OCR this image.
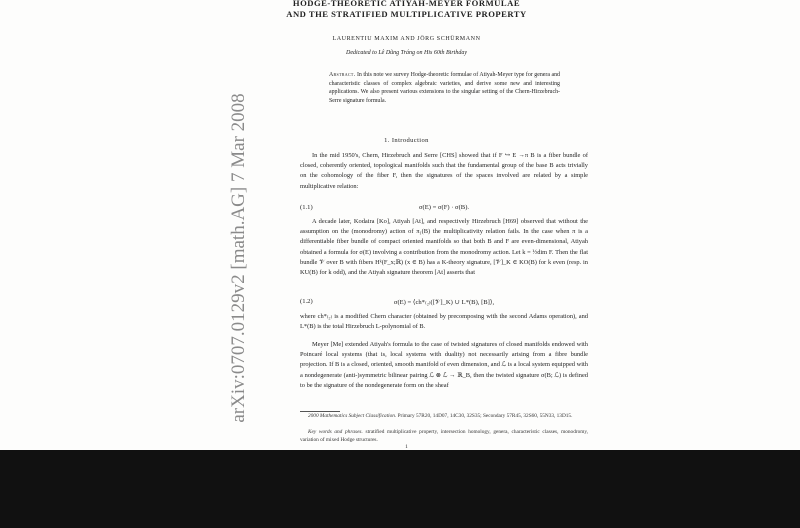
arXiv:0707.0129v2 [math.AG] 7 Mar 2008
HODGE-THEORETIC ATIYAH-MEYER FORMULAE
AND THE STRATIFIED MULTIPLICATIVE PROPERTY
LAURENTIU MAXIM AND JÖRG SCHÜRMANN
Dedicated to Lê Dũng Tráng on His 60th Birthday
Abstract. In this note we survey Hodge-theoretic formulae of Atiyah-Meyer type for genera and characteristic classes of complex algebraic varieties, and derive some new and interesting applications. We also present various extensions to the singular setting of the Chern-Hirzebruch-Serre signature formula.
1. Introduction
In the mid 1950's, Chern, Hirzebruch and Serre [CHS] showed that if F ↪ E →π B is a fiber bundle of closed, coherently oriented, topological manifolds such that the fundamental group of the base B acts trivially on the cohomology of the fiber F, then the signatures of the spaces involved are related by a simple multiplicative relation:
(1.1)	σ(E) = σ(F) · σ(B).
A decade later, Kodaira [Ko], Atiyah [At], and respectively Hirzebruch [H69] observed that without the assumption on the (monodromy) action of π₁(B) the multiplicativity relation fails. In the case when π is a differentiable fiber bundle of compact oriented manifolds so that both B and F are even-dimensional, Atiyah obtained a formula for σ(E) involving a contribution from the monodromy action. Let k = ½dim F. Then the flat bundle 𝒱 over B with fibers Hᵏ(F_x;ℝ) (x ∈ B) has a K-theory signature, [𝒱]_K ∈ KO(B) for k even (resp. in KU(B) for k odd), and the Atiyah signature theorem [At] asserts that
(1.2)	σ(E) = ⟨ch*₍₂₎([𝒱]_K) ∪ L*(B), [B]⟩,
where ch*₍₂₎ is a modified Chern character (obtained by precomposing with the second Adams operation), and L*(B) is the total Hirzebruch L-polynomial of B.
Meyer [Me] extended Atiyah's formula to the case of twisted signatures of closed manifolds endowed with Poincaré local systems (that is, local systems with duality) not necessarily arising from a fibre bundle projection. If B is a closed, oriented, smooth manifold of even dimension, and ℒ is a local system equipped with a nondegenerate (anti-)symmetric bilinear pairing ℒ ⊗ ℒ → ℝ_B, then the twisted signature σ(B; ℒ) is defined to be the signature of the nondegenerate form on the sheaf
2000 Mathematics Subject Classification. Primary 57R20, 14D07, 14C30, 32S35; Secondary 57R45, 32S60, 55N33, 13D15.
Key words and phrases. stratified multiplicative property, intersection homology, genera, characteristic classes, monodromy, variation of mixed Hodge structures.
1
